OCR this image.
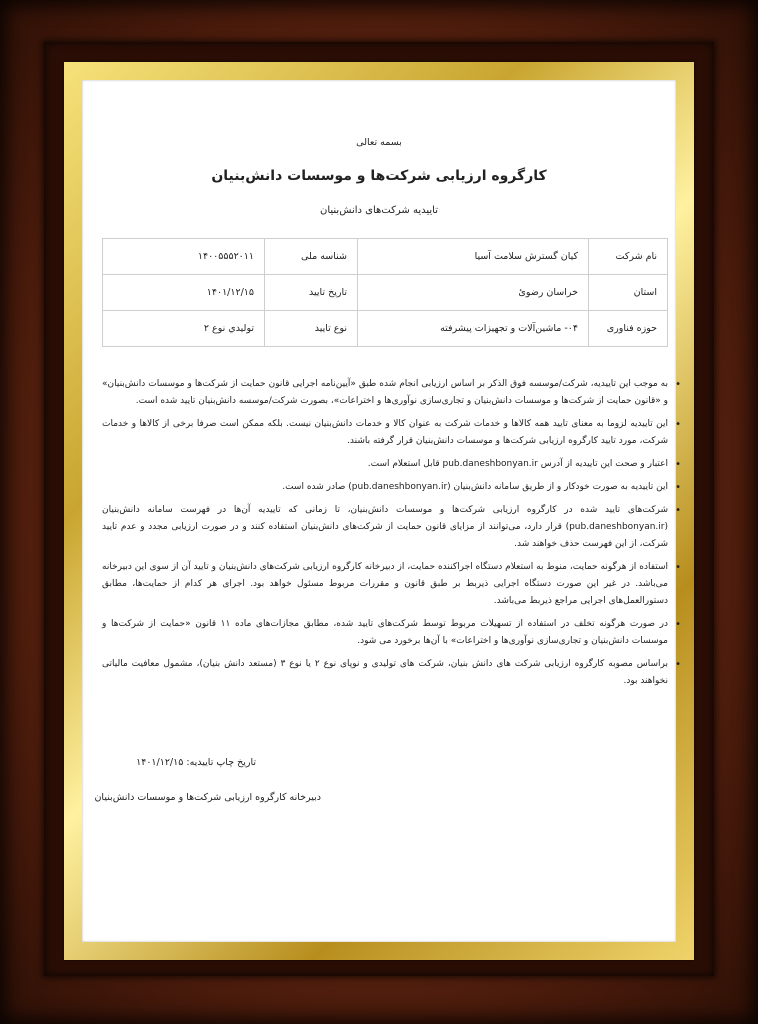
بسمه تعالی
کارگروه ارزیابی شرکت‌ها و موسسات دانش‌بنیان
تاییدیه شرکت‌های دانش‌بنیان
نام شرکت	کیان گسترش سلامت آسیا	شناسه ملی	۱۴۰۰۵۵۵۲۰۱۱
استان	خراسان رضوئ	تاریخ تایید	۱۴۰۱/۱۲/۱۵
حوزه فناوری	۰۴- ماشین‌آلات و تجهیزات پیشرفته	نوع تایید	تولیدي نوع ۲
• به موجب این تاییدیه، شرکت/موسسه فوق الذکر بر اساس ارزیابی انجام شده طبق «آیین‌نامه اجرایی قانون حمایت از شرکت‌ها و موسسات دانش‌بنیان» و «قانون حمایت از شرکت‌ها و موسسات دانش‌بنیان و تجاری‌سازی نوآوری‌ها و اختراعات»، بصورت شرکت/موسسه دانش‌بنیان تایید شده است.
• این تاییدیه لزوما به معنای تایید همه کالاها و خدمات شرکت به عنوان کالا و خدمات دانش‌بنیان نیست. بلکه ممکن است صرفا برخی از کالاها و خدمات شرکت، مورد تایید کارگروه ارزیابی شرکت‌ها و موسسات دانش‌بنیان قرار گرفته باشند.
• اعتبار و صحت این تاییدیه از آدرس pub.daneshbonyan.ir قابل استعلام است.
• این تاییدیه به صورت خودکار و از طریق سامانه دانش‌بنیان (pub.daneshbonyan.ir) صادر شده است.
• شرکت‌های تایید شده در کارگروه ارزیابی شرکت‌ها و موسسات دانش‌بنیان، تا زمانی که تاییدیه آن‌ها در فهرست سامانه دانش‌بنیان (pub.daneshbonyan.ir) قرار دارد، می‌توانند از مزایای قانون حمایت از شرکت‌های دانش‌بنیان استفاده کنند و در صورت ارزیابی مجدد و عدم تایید شرکت، از این فهرست حذف خواهند شد.
• استفاده از هرگونه حمایت، منوط به استعلام دستگاه اجراکننده حمایت، از دبیرخانه کارگروه ارزیابی شرکت‌های دانش‌بنیان و تایید آن از سوی این دبیرخانه می‌باشد. در غیر این صورت دستگاه اجرایی ذیربط بر طبق قانون و مقررات مربوط مسئول خواهد بود. اجرای هر کدام از حمایت‌ها، مطابق دستورالعمل‌های اجرایی مراجع ذیربط می‌باشد.
• در صورت هرگونه تخلف در استفاده از تسهیلات مربوط توسط شرکت‌های تایید شده، مطابق مجازات‌های ماده ۱۱ قانون «حمایت از شرکت‌ها و موسسات دانش‌بنیان و تجاری‌سازی نوآوری‌ها و اختراعات» با آن‌ها برخورد می شود.
• براساس مصوبه کارگروه ارزیابی شرکت های دانش بنیان، شرکت های تولیدی و نوپای نوع ۲ یا نوع ۳ (مستعد دانش بنیان)، مشمول معافیت مالیاتی نخواهند بود.
تاریخ چاپ تاییدیه: ۱۴۰۱/۱۲/۱۵
دبیرخانه کارگروه ارزیابی شرکت‌ها و موسسات دانش‌بنیان
